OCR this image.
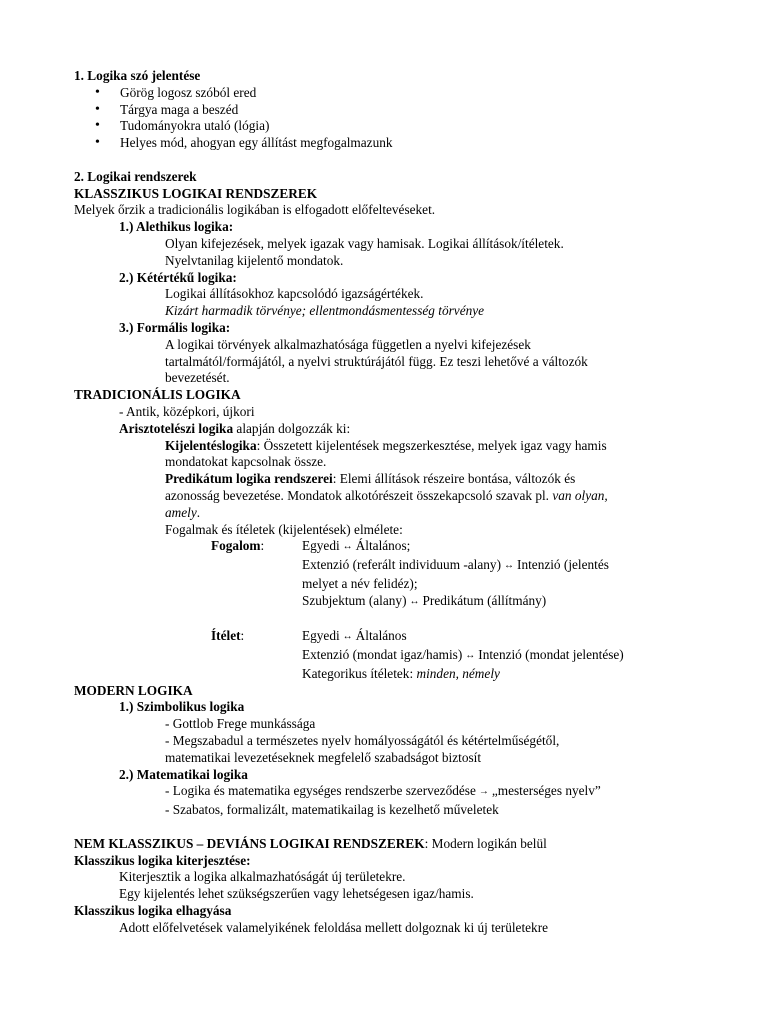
1. Logika szó jelentése
• Görög logosz szóból ered
• Tárgya maga a beszéd
• Tudományokra utaló (lógia)
• Helyes mód, ahogyan egy állítást megfogalmazunk
2. Logikai rendszerek
KLASSZIKUS LOGIKAI RENDSZEREK
Melyek őrzik a tradicionális logikában is elfogadott előfeltevéseket.
1.) Alethikus logika:
Olyan kifejezések, melyek igazak vagy hamisak. Logikai állítások/ítéletek.
Nyelvtanilag kijelentő mondatok.
2.) Kétértékű logika:
Logikai állításokhoz kapcsolódó igazságértékek.
Kizárt harmadik törvénye; ellentmondásmentesség törvénye
3.) Formális logika:
A logikai törvények alkalmazhatósága független a nyelvi kifejezések
tartalmától/formájától, a nyelvi struktúrájától függ. Ez teszi lehetővé a változók
bevezetését.
TRADICIONÁLIS LOGIKA
- Antik, középkori, újkori
Arisztotelészi logika alapján dolgozzák ki:
Kijelentéslogika: Összetett kijelentések megszerkesztése, melyek igaz vagy hamis
mondatokat kapcsolnak össze.
Predikátum logika rendszerei: Elemi állítások részeire bontása, változók és
azonosság bevezetése. Mondatok alkotórészeit összekapcsoló szavak pl. van olyan,
amely.
Fogalmak és ítéletek (kijelentések) elmélete:
Fogalom:	Egyedi ↔ Általános;
Extenzió (referált individuum -alany) ↔ Intenzió (jelentés
melyet a név felidéz);
Szubjektum (alany) ↔ Predikátum (állítmány)
Ítélet:	Egyedi ↔ Általános
Extenzió (mondat igaz/hamis) ↔ Intenzió (mondat jelentése)
Kategorikus ítéletek: minden, némely
MODERN LOGIKA
1.) Szimbolikus logika
- Gottlob Frege munkássága
- Megszabadul a természetes nyelv homályosságától és kétértelműségétől,
matematikai levezetéseknek megfelelő szabadságot biztosít
2.) Matematikai logika
- Logika és matematika egységes rendszerbe szerveződése → „mesterséges nyelv”
- Szabatos, formalizált, matematikailag is kezelhető műveletek
NEM KLASSZIKUS – DEVIÁNS LOGIKAI RENDSZEREK: Modern logikán belül
Klasszikus logika kiterjesztése:
Kiterjesztik a logika alkalmazhatóságát új területekre.
Egy kijelentés lehet szükségszerűen vagy lehetségesen igaz/hamis.
Klasszikus logika elhagyása
Adott előfelvetések valamelyikének feloldása mellett dolgoznak ki új területekre
